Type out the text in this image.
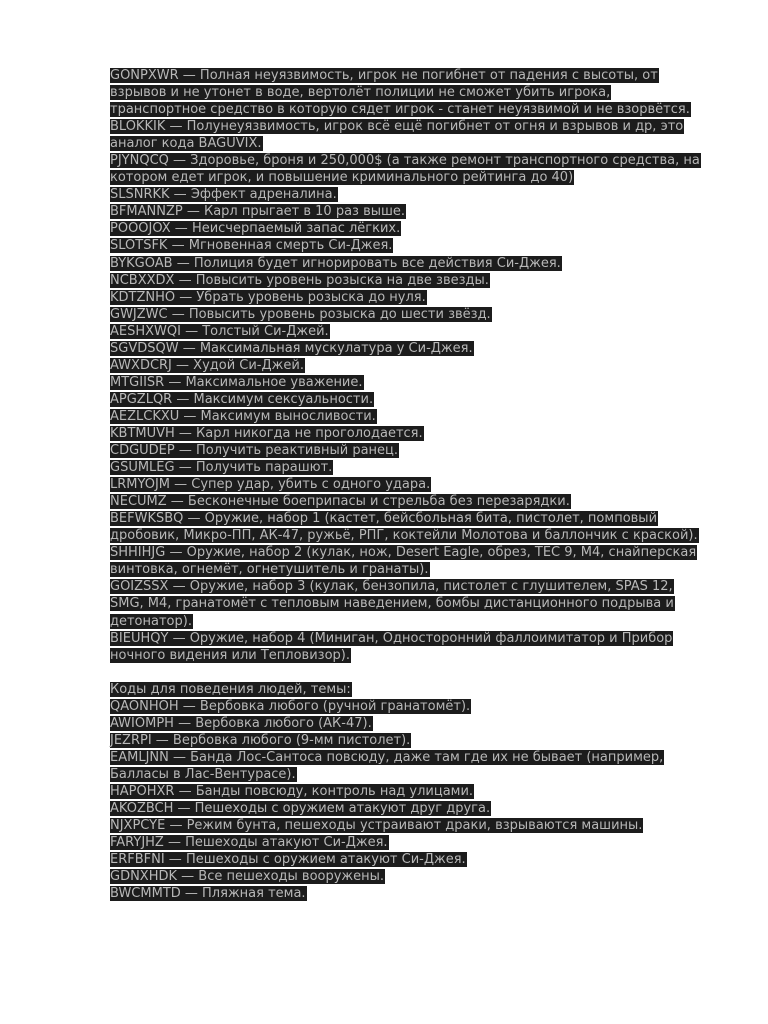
GONPXWR — Полная неуязвимость, игрок не погибнет от падения с высоты, от взрывов и не утонет в воде, вертолёт полиции не сможет убить игрока, транспортное средство в которую сядет игрок - станет неуязвимой и не взорвётся.

BLOKKIK — Полунеуязвимость, игрок всё ещё погибнет от огня и взрывов и др, это аналог кода BAGUVIX.

PJYNQCQ — Здоровье, броня и 250,000$ (а также ремонт транспортного средства, на котором едет игрок, и повышение криминального рейтинга до 40)

SLSNRKK — Эффект адреналина.

BFMANNZP — Карл прыгает в 10 раз выше.

POOOJOX — Неисчерпаемый запас лёгких.

SLOTSFK — Мгновенная смерть Си-Джея.

BYKGOAB — Полиция будет игнорировать все действия Си-Джея.

NCBXXDX — Повысить уровень розыска на две звезды.

KDTZNHO — Убрать уровень розыска до нуля.

GWJZWC — Повысить уровень розыска до шести звёзд.

AESHXWQI — Толстый Си-Джей.

SGVDSQW — Максимальная мускулатура у Си-Джея.

AWXDCRJ — Худой Си-Джей.

MTGIISR — Максимальное уважение.

APGZLQR — Максимум сексуальности.

AEZLCKXU — Максимум выносливости.

KBTMUVH — Карл никогда не проголодается.

CDGUDEP — Получить реактивный ранец.

GSUMLEG — Получить парашют.

LRMYOJM — Супер удар, убить с одного удара.

NECUMZ — Бесконечные боеприпасы и стрельба без перезарядки.

BEFWKSBQ — Оружие, набор 1 (кастет, бейсбольная бита, пистолет, помповый дробовик, Микро-ПП, АК-47, ружьё, РПГ, коктейли Молотова и баллончик с краской).

SHHIHJG — Оружие, набор 2 (кулак, нож, Desert Eagle, обрез, TEC 9, M4, снайперская винтовка, огнемёт, огнетушитель и гранаты).

GOIZSSX — Оружие, набор 3 (кулак, бензопила, пистолет с глушителем, SPAS 12, SMG, M4, гранатомёт с тепловым наведением, бомбы дистанционного подрыва и детонатор).

BIEUHQY — Оружие, набор 4 (Миниган, Односторонний фаллоимитатор и Прибор ночного видения или Тепловизор).

Коды для поведения людей, темы:

QAONHOH — Вербовка любого (ручной гранатомёт).

AWIOMPH — Вербовка любого (АК-47).

JEZRPI — Вербовка любого (9-мм пистолет).

EAMLJNN — Банда Лос-Сантоса повсюду, даже там где их не бывает (например, Балласы в Лас-Вентурасе).

HAPOHXR — Банды повсюду, контроль над улицами.

AKOZBCH — Пешеходы с оружием атакуют друг друга.

NJXPCYE — Режим бунта, пешеходы устраивают драки, взрываются машины.

FARYJHZ — Пешеходы атакуют Си-Джея.

ERFBFNI — Пешеходы с оружием атакуют Си-Джея.

GDNXHDK — Все пешеходы вооружены.

BWCMMTD — Пляжная тема.
